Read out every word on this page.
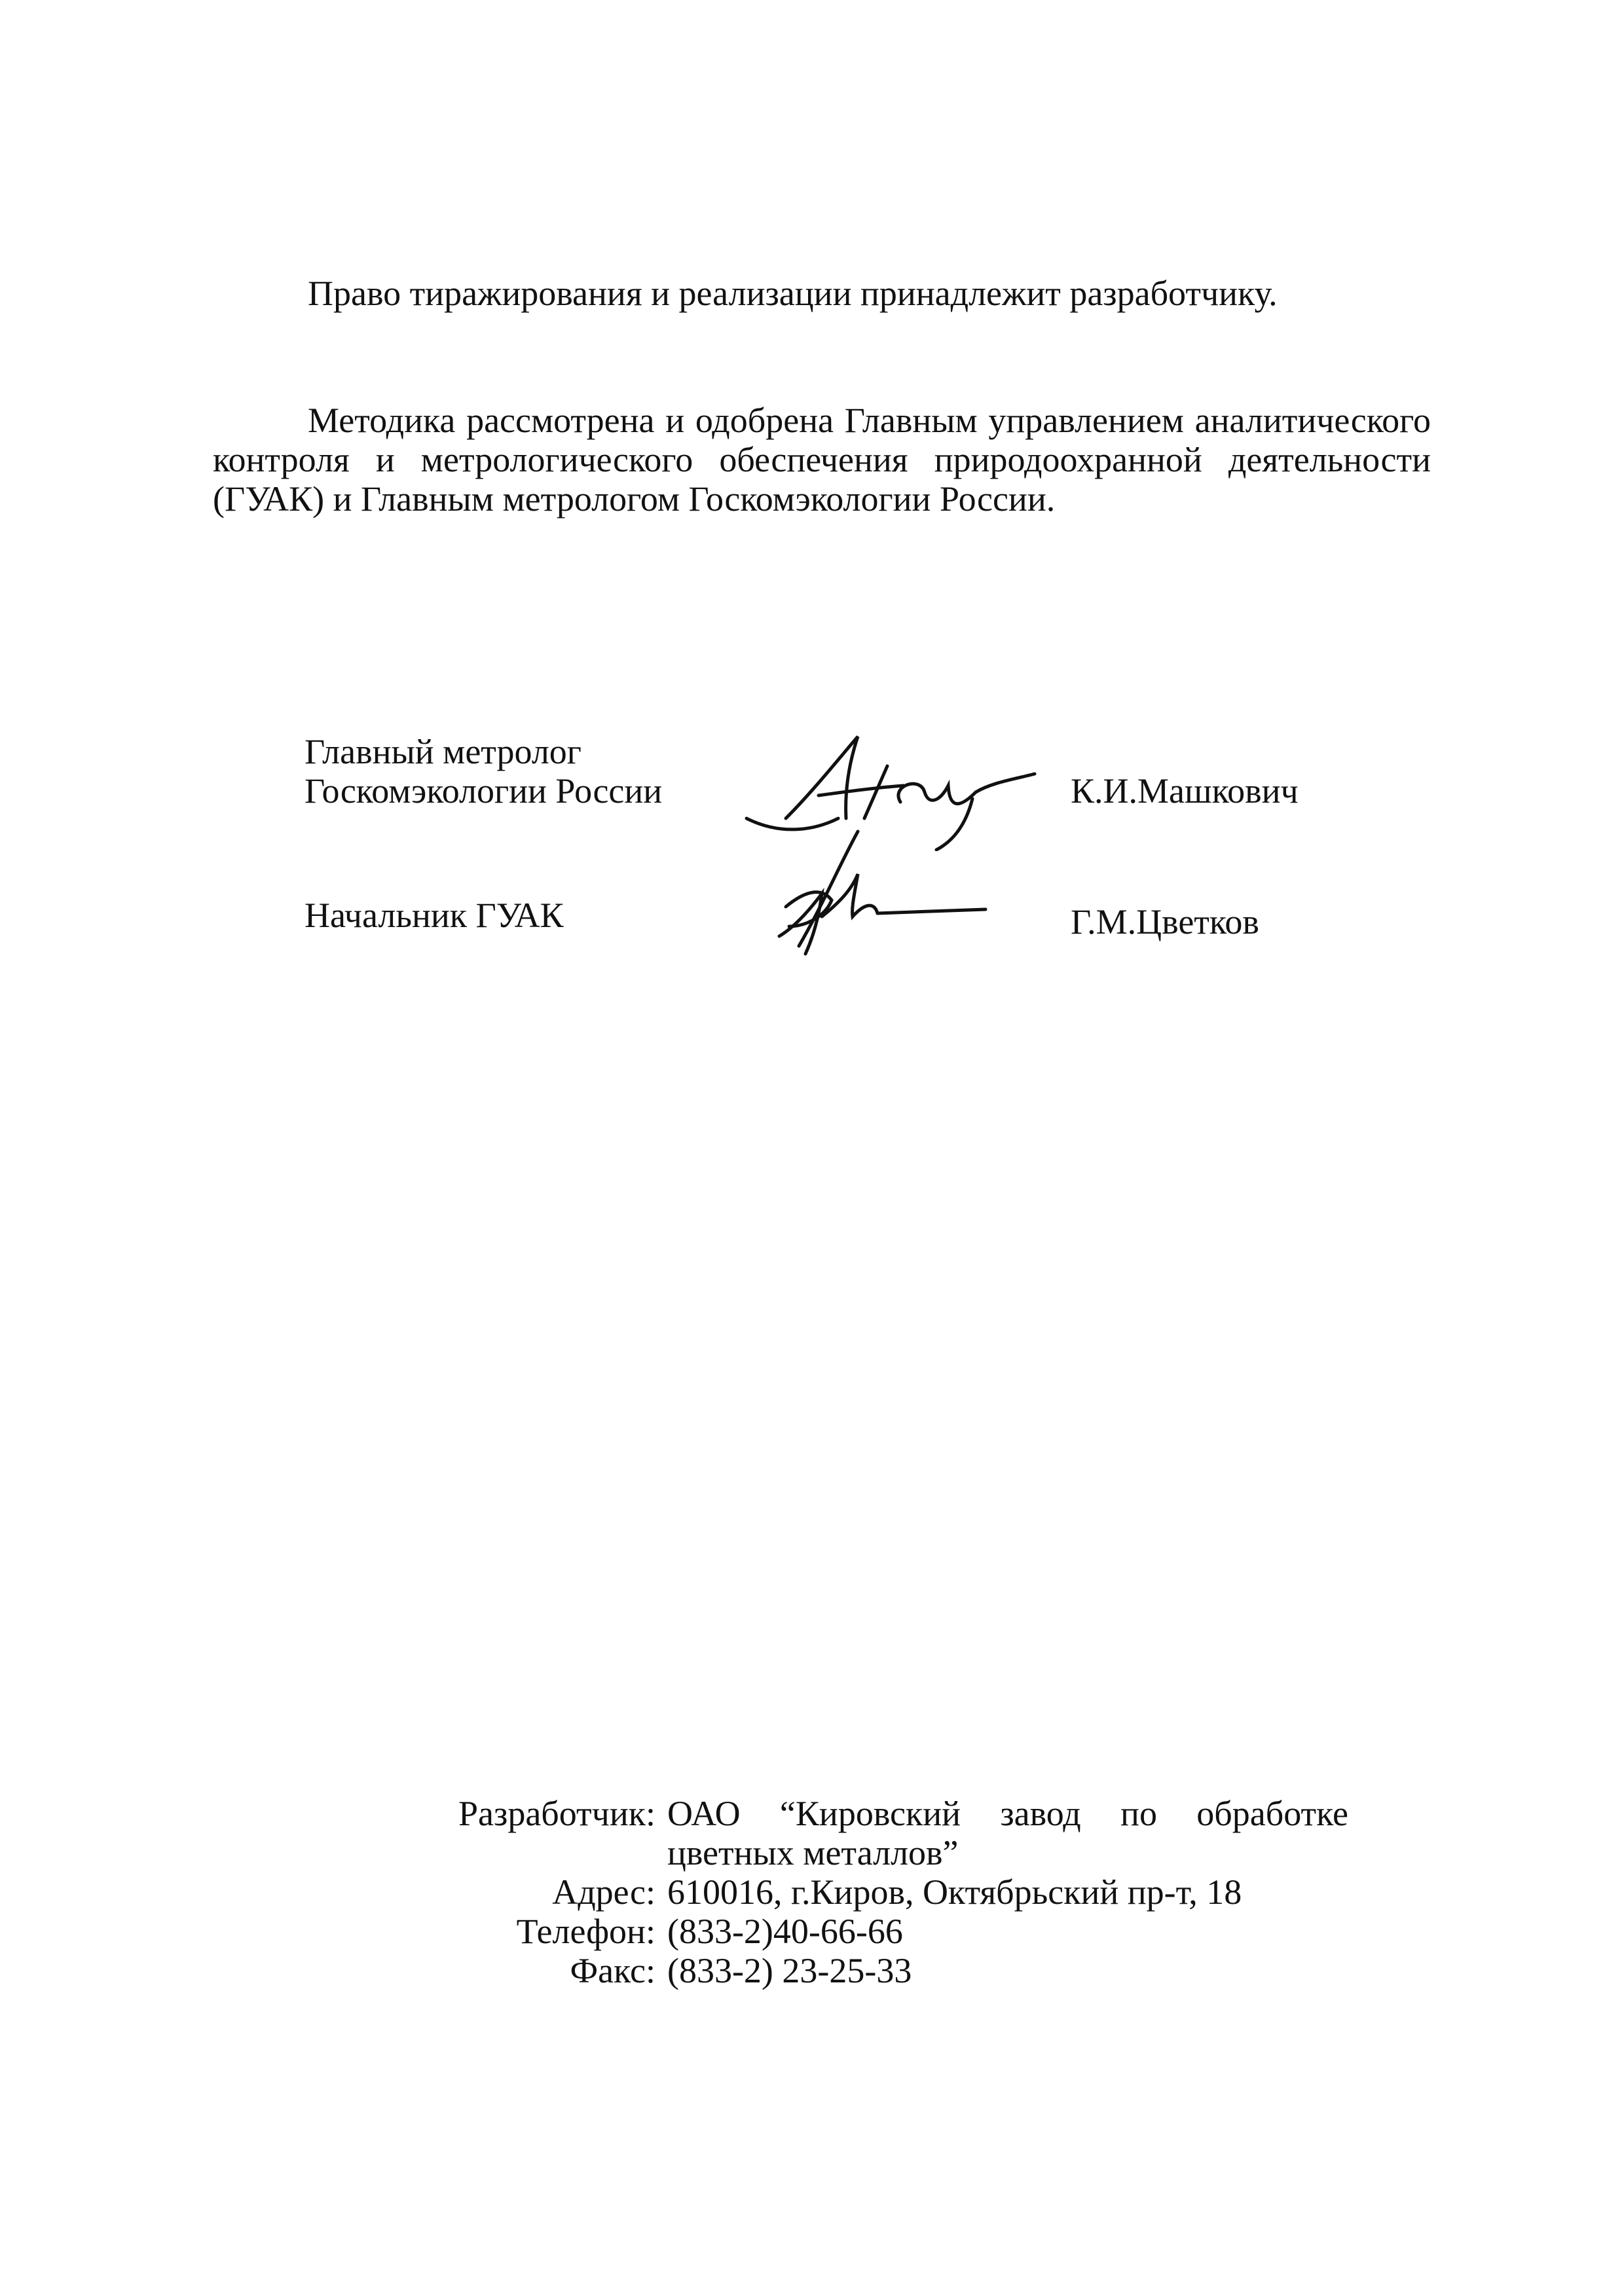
Право тиражирования и реализации принадлежит разработчику.

Методика рассмотрена и одобрена Главным управлением аналитического контроля и метрологического обеспечения природоохранной деятельности (ГУАК) и Главным метрологом Госкомэкологии России.

Главный метролог
Госкомэкологии России	К.И.Машкович
Начальник ГУАК	Г.М.Цветков
Разработчик:	ОАО “Кировский завод по обработке
цветных металлов”
Адрес:	610016, г.Киров, Октябрьский пр-т, 18
Телефон:	(833-2)40-66-66
Факс:	(833-2) 23-25-33
